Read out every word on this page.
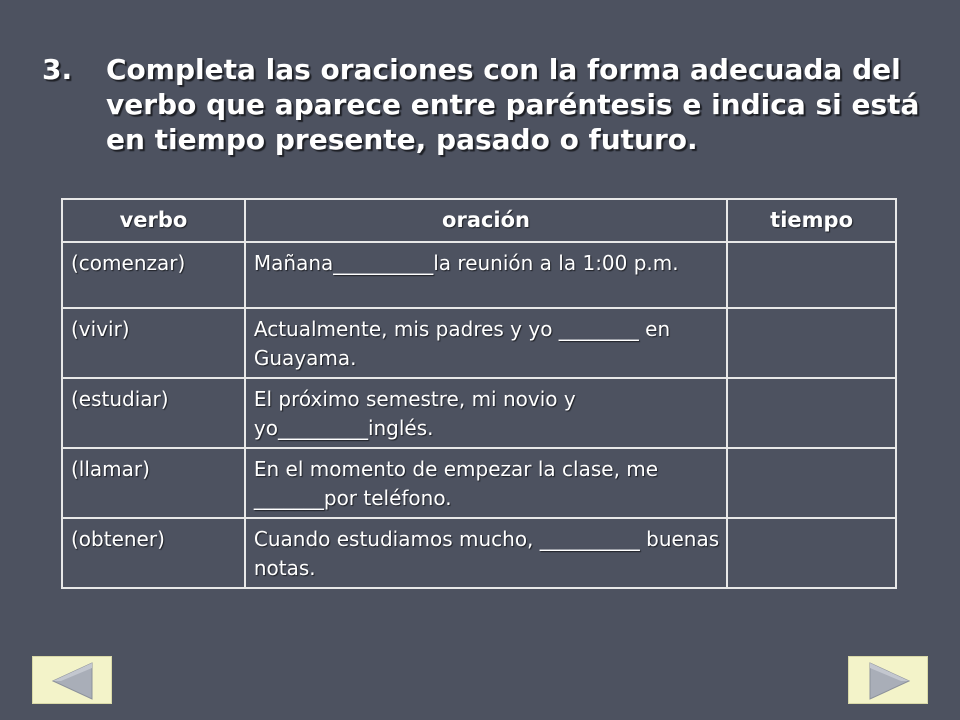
3.	Completa las oraciones con la forma adecuada del verbo que aparece entre paréntesis e indica si está en tiempo presente, pasado o futuro.
verbo	oración	tiempo
(comenzar)	Mañana__________la reunión a la 1:00 p.m.	
(vivir)	Actualmente, mis padres y yo ________ en Guayama.	
(estudiar)	El próximo semestre, mi novio y yo_________inglés.	
(llamar)	En el momento de empezar la clase, me _______por teléfono.	
(obtener)	Cuando estudiamos mucho, __________ buenas notas.	
